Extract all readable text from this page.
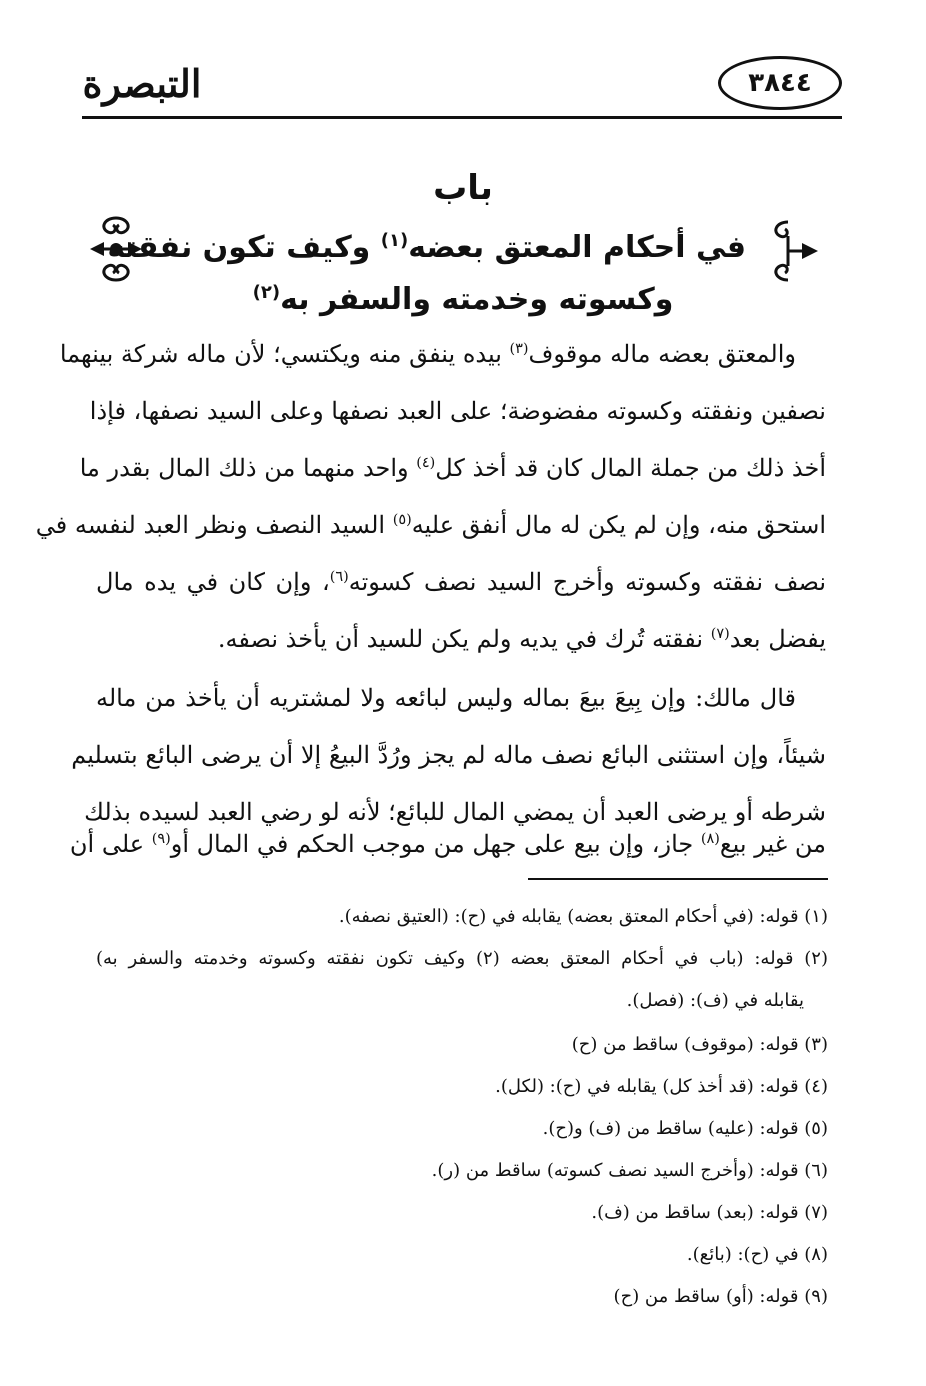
التبصرة	٣٨٤٤
باب
في أحكام المعتق بعضه$^{(١)}$ وكيف تكون نفقته
وكسوته وخدمته والسفر به$^{(٢)}$
والمعتق بعضه ماله موقوف$^{(٣)}$ بيده ينفق منه ويكتسي؛ لأن ماله شركة بينهما
نصفين ونفقته وكسوته مفضوضة؛ على العبد نصفها وعلى السيد نصفها، فإذا
أخذ ذلك من جملة المال كان قد أخذ كل$^{(٤)}$ واحد منهما من ذلك المال بقدر ما
استحق منه، وإن لم يكن له مال أنفق عليه$^{(٥)}$ السيد النصف ونظر العبد لنفسه في
نصف نفقته وكسوته وأخرج السيد نصف كسوته$^{(٦)}$، وإن كان في يده مال
يفضل بعد$^{(٧)}$ نفقته تُرك في يديه ولم يكن للسيد أن يأخذ نصفه.
قال مالك: وإن بِيعَ بيعَ بماله وليس لبائعه ولا لمشتريه أن يأخذ من ماله
شيئاً، وإن استثنى البائع نصف ماله لم يجز ورُدَّ البيعُ إلا أن يرضى البائع بتسليم
شرطه أو يرضى العبد أن يمضي المال للبائع؛ لأنه لو رضي العبد لسيده بذلك
من غير بيع$^{(٨)}$ جاز، وإن بيع على جهل من موجب الحكم في المال أو$^{(٩)}$ على أن
(١) قوله: (في أحكام المعتق بعضه) يقابله في (ح): (العتيق نصفه).
(٢) قوله: (باب في أحكام المعتق بعضه (٢) وكيف تكون نفقته وكسوته وخدمته والسفر به)
يقابله في (ف): (فصل).
(٣) قوله: (موقوف) ساقط من (ح)
(٤) قوله: (قد أخذ كل) يقابله في (ح): (لكل).
(٥) قوله: (عليه) ساقط من (ف) و(ح).
(٦) قوله: (وأخرج السيد نصف كسوته) ساقط من (ر).
(٧) قوله: (بعد) ساقط من (ف).
(٨) في (ح): (بائع).
(٩) قوله: (أو) ساقط من (ح)
